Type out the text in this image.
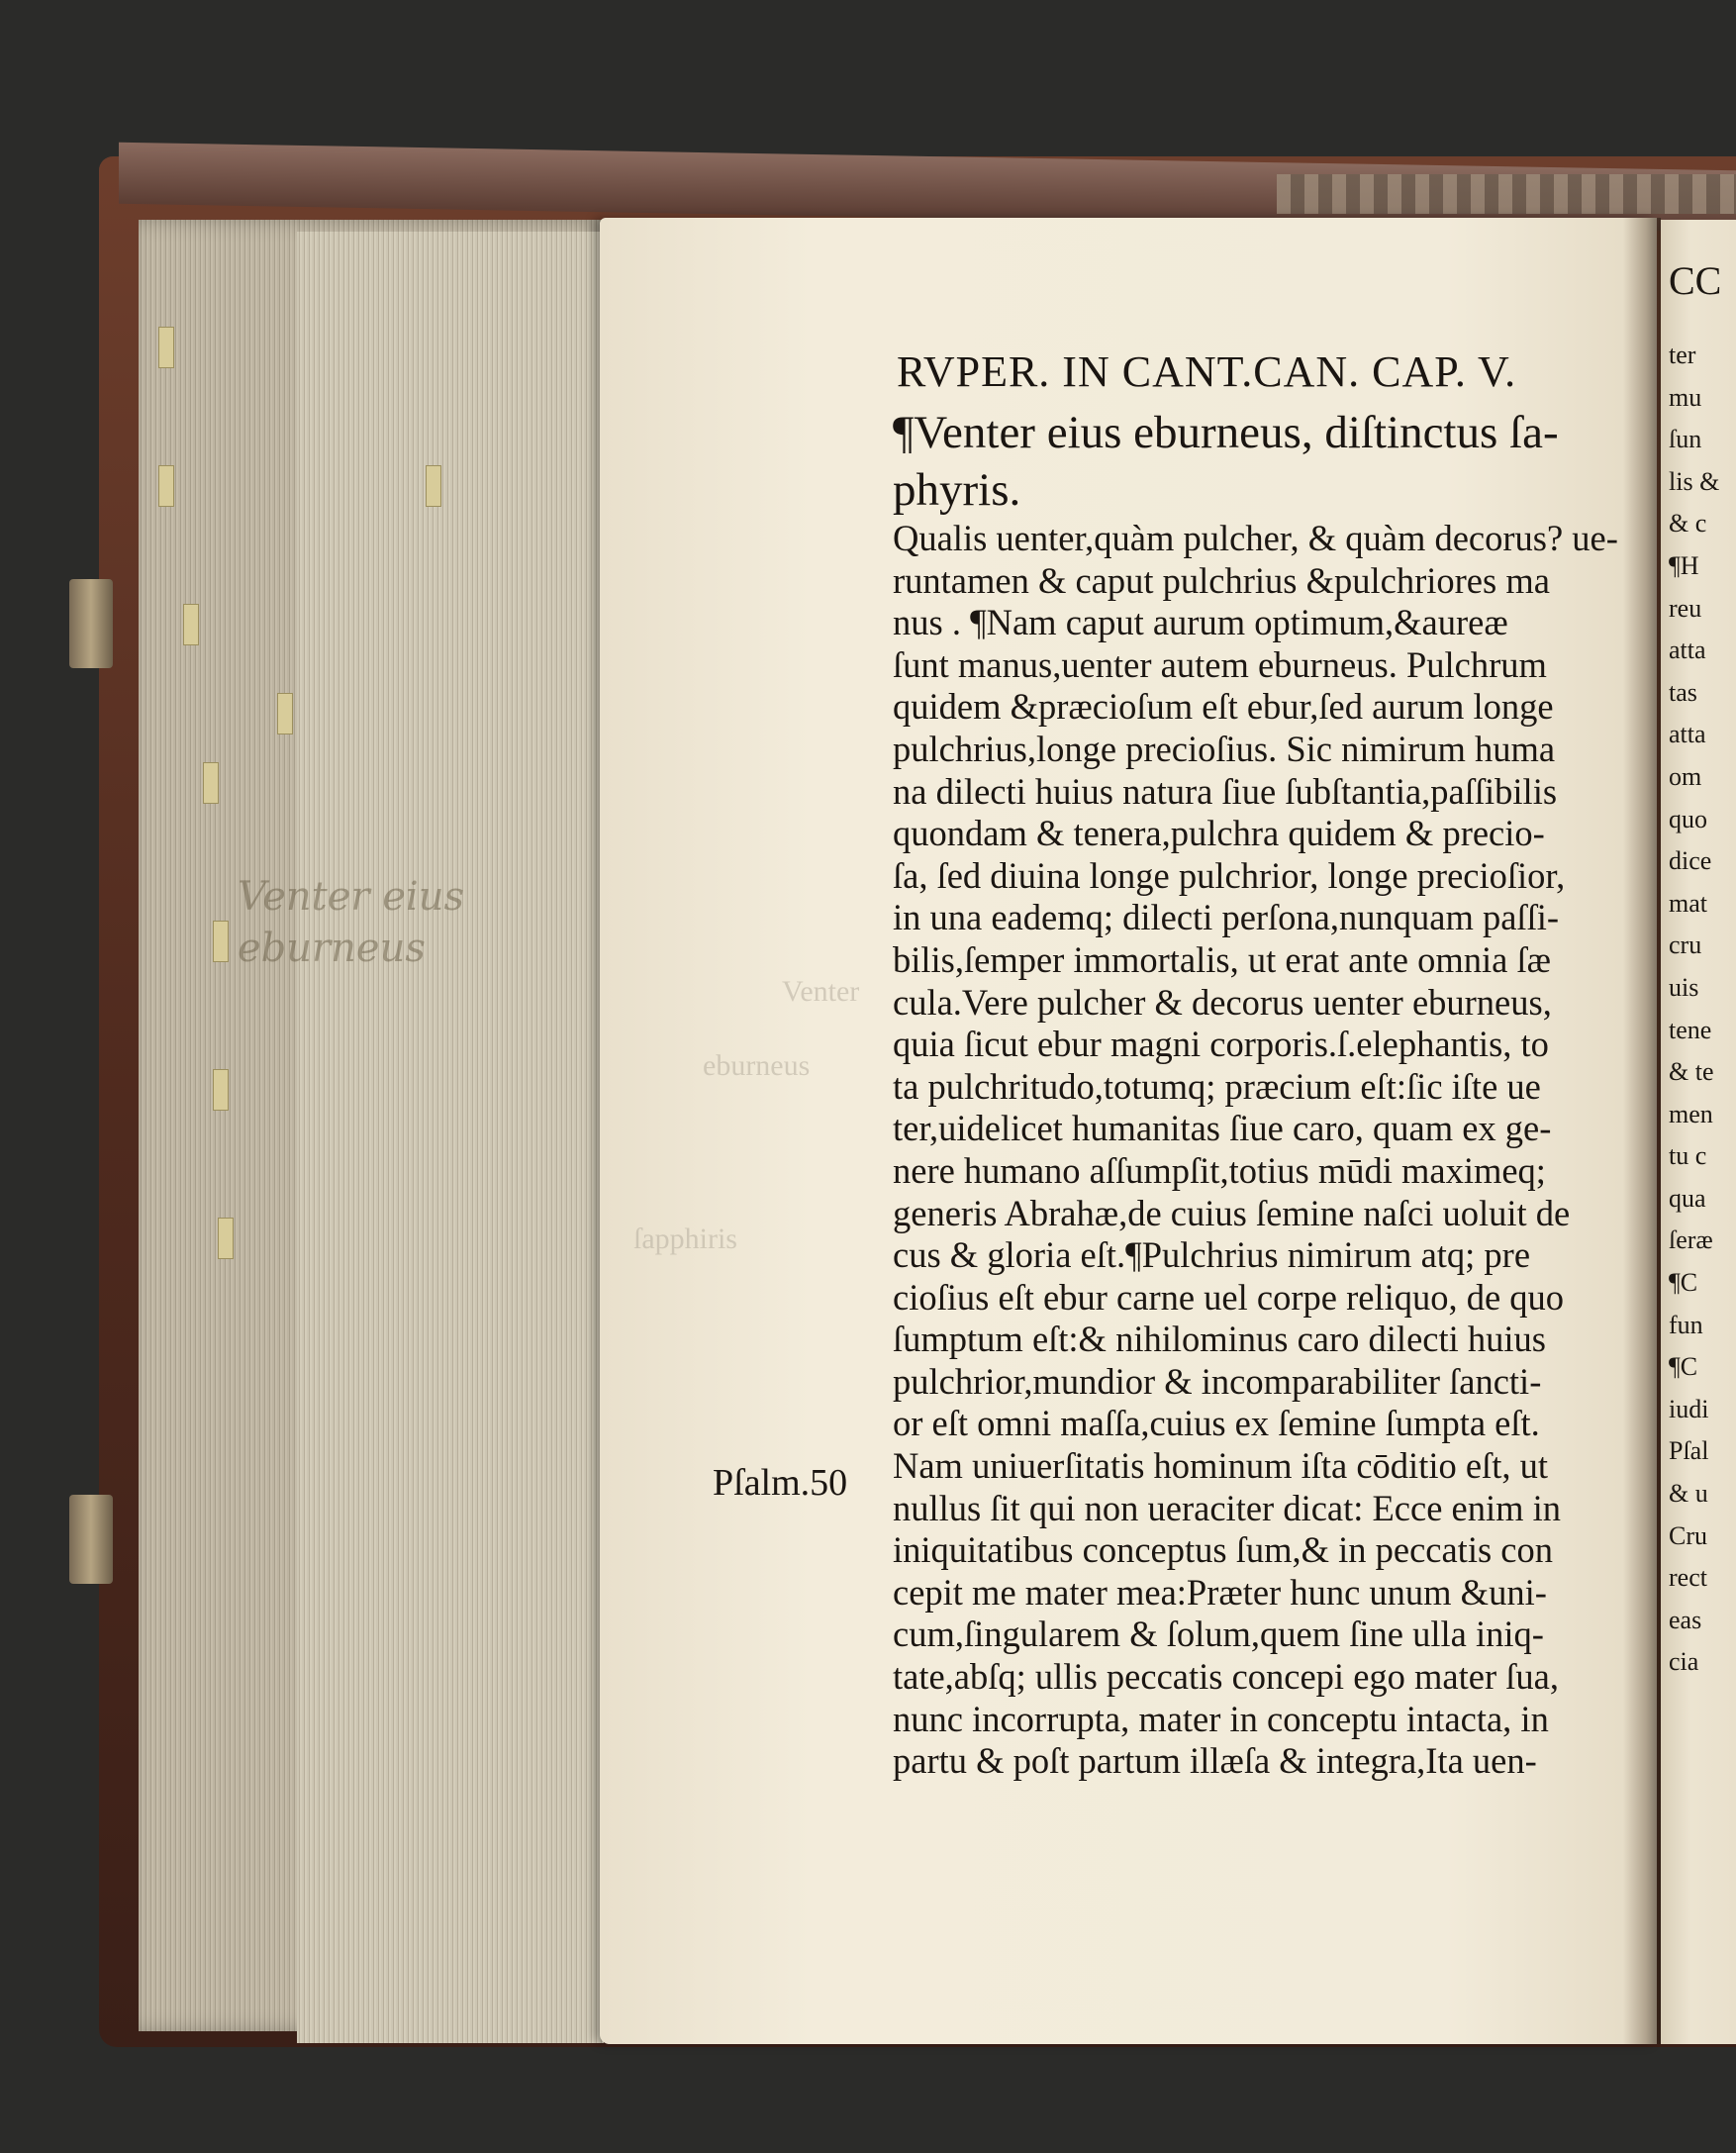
Venter eius
eburneus
Venter
eburneus
ſapphiris
RVPER. IN CANT.CAN. CAP. V.
¶Venter eius eburneus, diſtinctus ſa-
phyris.
Qualis uenter,quàm pulcher, & quàm decorus? ue-
runtamen & caput pulchrius &pulchriores ma
nus . ¶Nam caput aurum optimum,&aureæ
ſunt manus,uenter autem eburneus. Pulchrum
quidem &præcioſum eſt ebur,ſed aurum longe
pulchrius,longe precioſius. Sic nimirum huma
na dilecti huius natura ſiue ſubſtantia,paſſibilis
quondam & tenera,pulchra quidem & precio-
ſa, ſed diuina longe pulchrior, longe precioſior,
in una eademq; dilecti perſona,nunquam paſſi-
bilis,ſemper immortalis, ut erat ante omnia ſæ
cula.Vere pulcher & decorus uenter eburneus,
quia ſicut ebur magni corporis.ſ.elephantis, to
ta pulchritudo,totumq; præcium eſt:ſic iſte ue
ter,uidelicet humanitas ſiue caro, quam ex ge-
nere humano aſſumpſit,totius mūdi maximeq;
generis Abrahæ,de cuius ſemine naſci uoluit de
cus & gloria eſt.¶Pulchrius nimirum atq; pre
cioſius eſt ebur carne uel corpe reliquo, de quo
ſumptum eſt:& nihilominus caro dilecti huius
pulchrior,mundior & incomparabiliter ſancti-
or eſt omni maſſa,cuius ex ſemine ſumpta eſt.
Nam uniuerſitatis hominum iſta cōditio eſt, ut
nullus ſit qui non ueraciter dicat: Ecce enim in
iniquitatibus conceptus ſum,& in peccatis con
cepit me mater mea:Præter hunc unum &uni-
cum,ſingularem & ſolum,quem ſine ulla iniq-
tate,abſq; ullis peccatis concepi ego mater ſua,
nunc incorrupta, mater in conceptu intacta, in
partu & poſt partum illæſa & integra,Ita uen-
Pſalm.50
CC
ter
mu
ſun
lis &
& c
¶H
reu
atta
tas
atta
om
quo
dice
mat
cru
uis
tene
& te
men
tu c
qua
ſeræ
¶C
fun
¶C
iudi
Pſal
& u
Cru
rect
eas
cia
